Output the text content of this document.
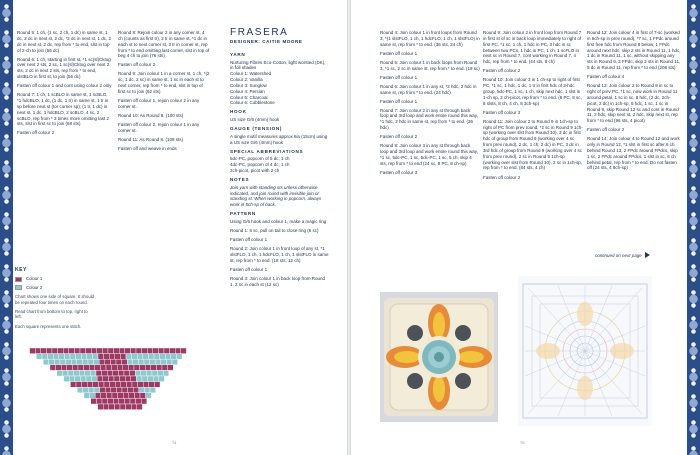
Round 5: 1 ch, (1 sc, 2 ch, 1 dc) in same st, 1 dc, 2 dc in next st, 2 dc, *2 dc in next st, 1 dc, 2 dc in next st, 2 dc, rep from * to end, slst in top of 2-ch to join (56 dc)

Round 6: 1 ch, starting in first st, *1 sc(sl)Cktog over next 2 sts, 2 sc, 1 sc(sl)Cktog over next 2 sts, 2 dc in next 2 sts, rep from * to end, slstBLO in first st, to join (56 dc)

Fasten off colour 1 and cont using colour 2 only

Round 7: 1 ch, 1 scBLO in same st, 1 scBLO, *1 hdcBLO, 1 dc, (1 dc, 1 tr) in same st, 1 tr in sp before next st (tor corner sp), (1 tr, 1 dc) in next st, 1 dc, 1 hdcBLO, 2 scBLO, 4 sc, 2 scBLO, rep from * 3 times more omitting last 2 sts, slst in first sc to join (68 sts)

Fasten off colour 2

Round 8: Rejoin colour 2 in any corner st, 4 ch (counts as first tr), 2 tr in same st, *1 dc in each st to next corner st, 3 tr in corner st, rep from * to end omitting last corner, slst in top of beg 4 ch to join (76 sts)

Fasten off colour 2

Round 9: Join colour 1 in a corner st, 1 ch, *(2 sc, 1 dc, 2 sc) in same st, 1 sc in each st to next corner, rep from * to end, slst in top of first sc to join (92 sts)

Fasten off colour 1, rejoin colour 2 in any corner st.

Round 10: As Round 8. (100 sts)

Fasten off colour 2, rejoin colour 1 in any corner st.

Round 11: As Round 8. (108 sts)

Fasten off and weave in ends

KEY
Colour 1
Colour 2
Chart shows one side of square. It should be repeated four times on each round.
Read chart from bottom to top, right to left.
Each square represents one stitch.
74
FRASERA
DESIGNER: CAITIE MOORE
YARN
Nurturing Fibres Eco-Cotton, light worsted (DK), in foll shades
Colour 1: Watershed
Colour 2: Vanilla
Colour 3: Sunglow
Colour 4: Persian
Colour 5: Charcoal
Colour 6: Cobblestone
HOOK
US size G/6 (4mm) hook
GAUGE (TENSION)
A single motif measures approx 6in (15cm) using a US size G/6 (4mm) hook
SPECIAL ABBREVIATIONS
5dc-PC, popcorn of 5 dc; 1 ch
4dc-PC, popcorn of 4 dc; 1 ch
2ch-picot, picot with 2 ch
NOTES
Join yarn with standing sts unless otherwise indicated, and join round with invisible join or standing st. When working in popcorn, always work in 5ch-sp of back.
PATTERN

Using G/6 hook and colour 1, make a magic ring

Round 1: 6 sc, pull on tail to close ring (6 sc)

Fasten off colour 1

Round 2: Join colour 1 in front loop of any st, *1 slstFLO, 1 ch, 1 hdcFLO, 1 ch, 1 slstFLO in same st, rep from * to end. (18 sts, 12 ch)

Fasten off colour 1

Round 3: Join colour 1 in back loop from Round 1, 2 sc in each st (12 sc)

Round 4: Join colour 1 in front loops from Round 3, *(1 slstFLO, 1 ch, 1 hdcFLO, 1 ch, 1 slstFLO) in same st, rep from * to end. (36 sts, 24 ch)

Fasten off colour 1

Round 5: Join colour 1 in back loops from Round 3, *1 sc, 2 sc in same st, rep from * to end. (18 sc)

Fasten off colour 1

Round 6: Join colour 1 in any st, *2 hdc, 2 hdc in same st, rep from * to end. (24 hdc)

Fasten off colour 1

Round 7: Join colour 2 in any st through back loop and 3rd loop and work entire round this way, *1 hdc, 2 hdc in same st, rep from * to end. (36 hdc)

Fasten off colour 2

Round 8: Join colour 3 in any st through back loop and 3rd loop and work entire round this way, *1 sc, 5dc-PC, 1 sc, 5dc-PC, 1 sc, 5 ch, skip 4 sts, rep from * to end (24 sc, 8 PC, 8 ch-sp)

Fasten off colour 3

Round 9: Join colour 2 in front loop from Round 7 in first st of sc in back loop immediately to right of first PC, *1 sc, 1 ch, 1 hdc in PC, 3 hdc in sc between two PCs, 1 hdc in PC, 1 ch, 1 scFLO in next sc in Round 7, cont working in Round 7, 4 hdc, rep from * to end. (44 sts, 8 ch)

Fasten off colour 2

Round 10: Join colour 3 in 1 ch-sp to right of first PC, *1 sc, 1 hdc, 1 dc, 1 tr in first hdc of 3-hdc group, 5dc-PC, 1 sc, 1 ch, skip next hdc, 1 slst in 1-ch sp, 2 ch-picot, rep from * to end. (8 PC, 8 sc, 8 slsts, 8 ch, 4 ch, 8 3ch-sp)

Fasten off colour 3

Round 11: Join colour 2 to Round 9 in 1ch-sp to right of PC from prev round, *2 sc in Round 9 1ch-sp (working over slst from Round 10), 3 dc in first hdc of group from Round 9 (working over 4 sc from prev round), 2 dc, 1 ch, 2 dc) in PC, 3 dc in 3rd hdc of group from Round 9 (working over 4 sc from prev round), 2 sc in Round 9 1ch-sp (working over slst from Round 10), 2 sc in 1ch-sp, rep from * to end. (84 sts, 4 ch)

Fasten off colour 2

Round 12: Join colour 4 in first of 7-sc (worked in 6ch-sp in prev round), *7 sc, 1 FPdc around first free hdc from Round 8 below, 1 FPdc around next hdc, skip 2 sts in Round 11, 1 hdc, 1 dc in Round 11, 1 sc, without skipping any sts in Round 9, 2 FPdc, skip 2 sts in Round 11, 5 dc in Round 11, rep from * to end (208 sts)

Fasten off colour 4

Round 13: Join colour 2 to Round 9 in sc to right of prev PC, *1 sc, now work in Round 11 around petal, 1 sc in sc, 8 hdc, (2 dc, 2ch-picot, 2 dc) in 1ch-sp, 6 hdc, 1 sc, 1 sc in Round 9, skip Round 12 sc and cont in Round 11, 2 hdc, skip next st, 2 hdc, skip next st, rep from * to end (96 sts, 4 picot)

Fasten off colour 2

Round 14: Join colour 4 to Round 12 and work only in Round 12, *1 slst in first sc after 6 ch behind Round 13, 2 FPdc around FPdcs, skip 1 sc, 2 FPdc around FPdcs, 1 slst in sc, 6 ch behind petal, rep from * to end. Do not fasten off (24 sts, 4 8ch-sp)

continued on next page
75
